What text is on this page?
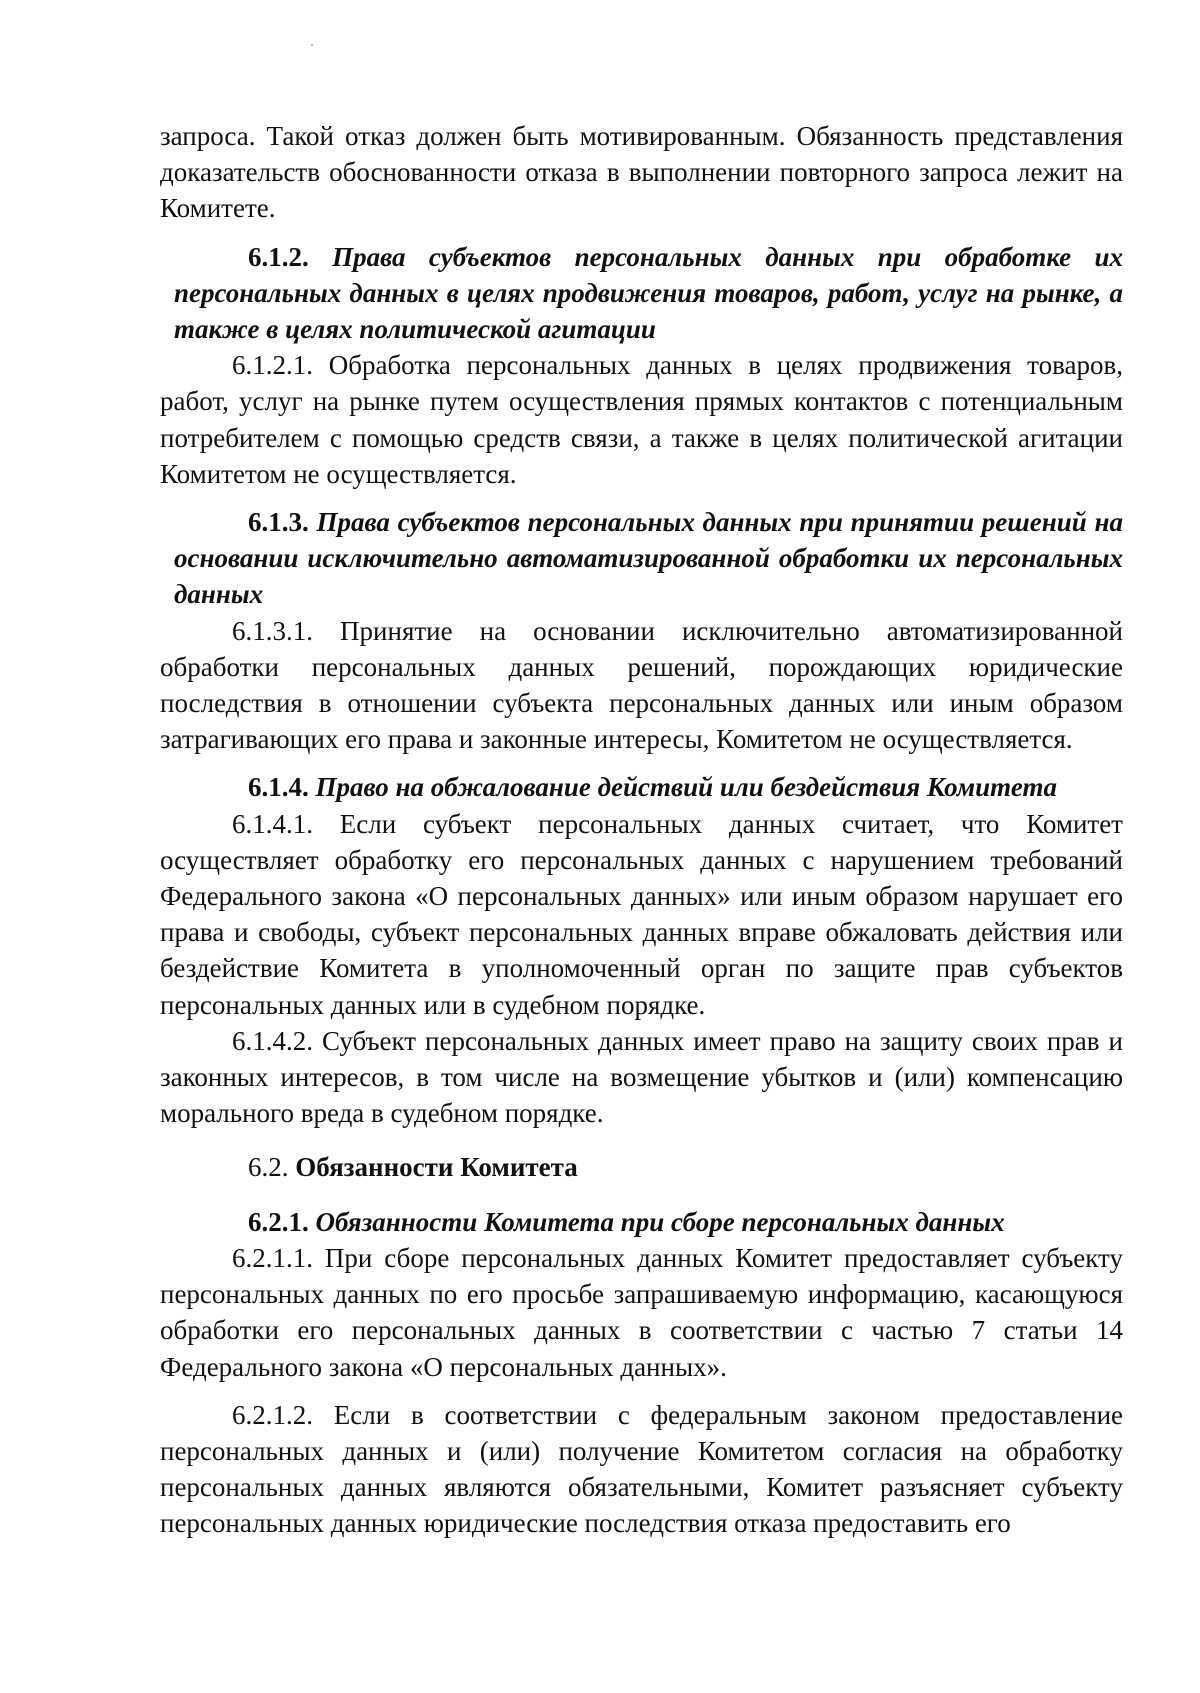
запроса. Такой отказ должен быть мотивированным. Обязанность представления доказательств обоснованности отказа в выполнении повторного запроса лежит на Комитете.

6.1.2. Права субъектов персональных данных при обработке их персональных данных в целях продвижения товаров, работ, услуг на рынке, а также в целях политической агитации

6.1.2.1. Обработка персональных данных в целях продвижения товаров, работ, услуг на рынке путем осуществления прямых контактов с потенциальным потребителем с помощью средств связи, а также в целях политической агитации Комитетом не осуществляется.

6.1.3. Права субъектов персональных данных при принятии решений на основании исключительно автоматизированной обработки их персональных данных

6.1.3.1. Принятие на основании исключительно автоматизированной обработки персональных данных решений, порождающих юридические последствия в отношении субъекта персональных данных или иным образом затрагивающих его права и законные интересы, Комитетом не осуществляется.

6.1.4. Право на обжалование действий или бездействия Комитета

6.1.4.1. Если субъект персональных данных считает, что Комитет осуществляет обработку его персональных данных с нарушением требований Федерального закона «О персональных данных» или иным образом нарушает его права и свободы, субъект персональных данных вправе обжаловать действия или бездействие Комитета в уполномоченный орган по защите прав субъектов персональных данных или в судебном порядке.

6.1.4.2. Субъект персональных данных имеет право на защиту своих прав и законных интересов, в том числе на возмещение убытков и (или) компенсацию морального вреда в судебном порядке.

6.2. Обязанности Комитета

6.2.1. Обязанности Комитета при сборе персональных данных

6.2.1.1. При сборе персональных данных Комитет предоставляет субъекту персональных данных по его просьбе запрашиваемую информацию, касающуюся обработки его персональных данных в соответствии с частью 7 статьи 14 Федерального закона «О персональных данных».

6.2.1.2. Если в соответствии с федеральным законом предоставление персональных данных и (или) получение Комитетом согласия на обработку персональных данных являются обязательными, Комитет разъясняет субъекту персональных данных юридические последствия отказа предоставить его
